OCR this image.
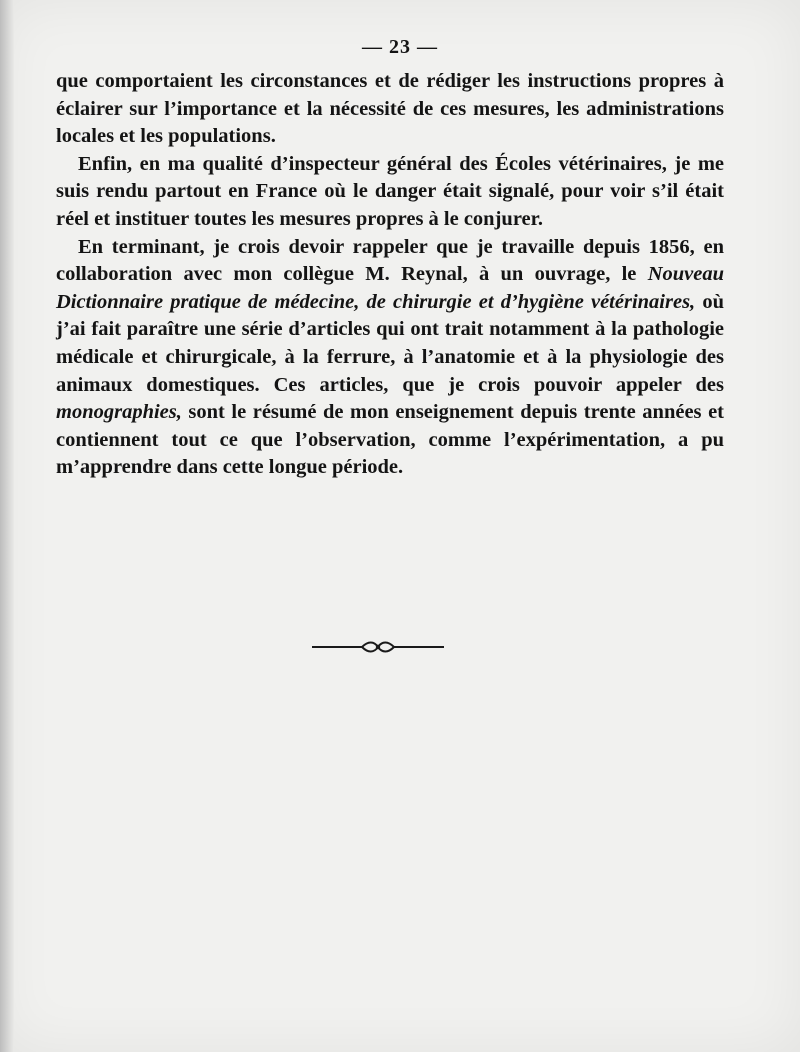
— 23 —

que comportaient les circonstances et de rédiger les instructions propres à éclairer sur l’importance et la nécessité de ces mesures, les administrations locales et les populations.

Enfin, en ma qualité d’inspecteur général des Écoles vétérinaires, je me suis rendu partout en France où le danger était signalé, pour voir s’il était réel et instituer toutes les mesures propres à le conjurer.

En terminant, je crois devoir rappeler que je travaille depuis 1856, en collaboration avec mon collègue M. Reynal, à un ouvrage, le Nouveau Dictionnaire pratique de médecine, de chirurgie et d’hygiène vétérinaires, où j’ai fait paraître une série d’articles qui ont trait notamment à la pathologie médicale et chirurgicale, à la ferrure, à l’anatomie et à la physiologie des animaux domestiques. Ces articles, que je crois pouvoir appeler des monographies, sont le résumé de mon enseignement depuis trente années et contiennent tout ce que l’observation, comme l’expérimentation, a pu m’apprendre dans cette longue période.
